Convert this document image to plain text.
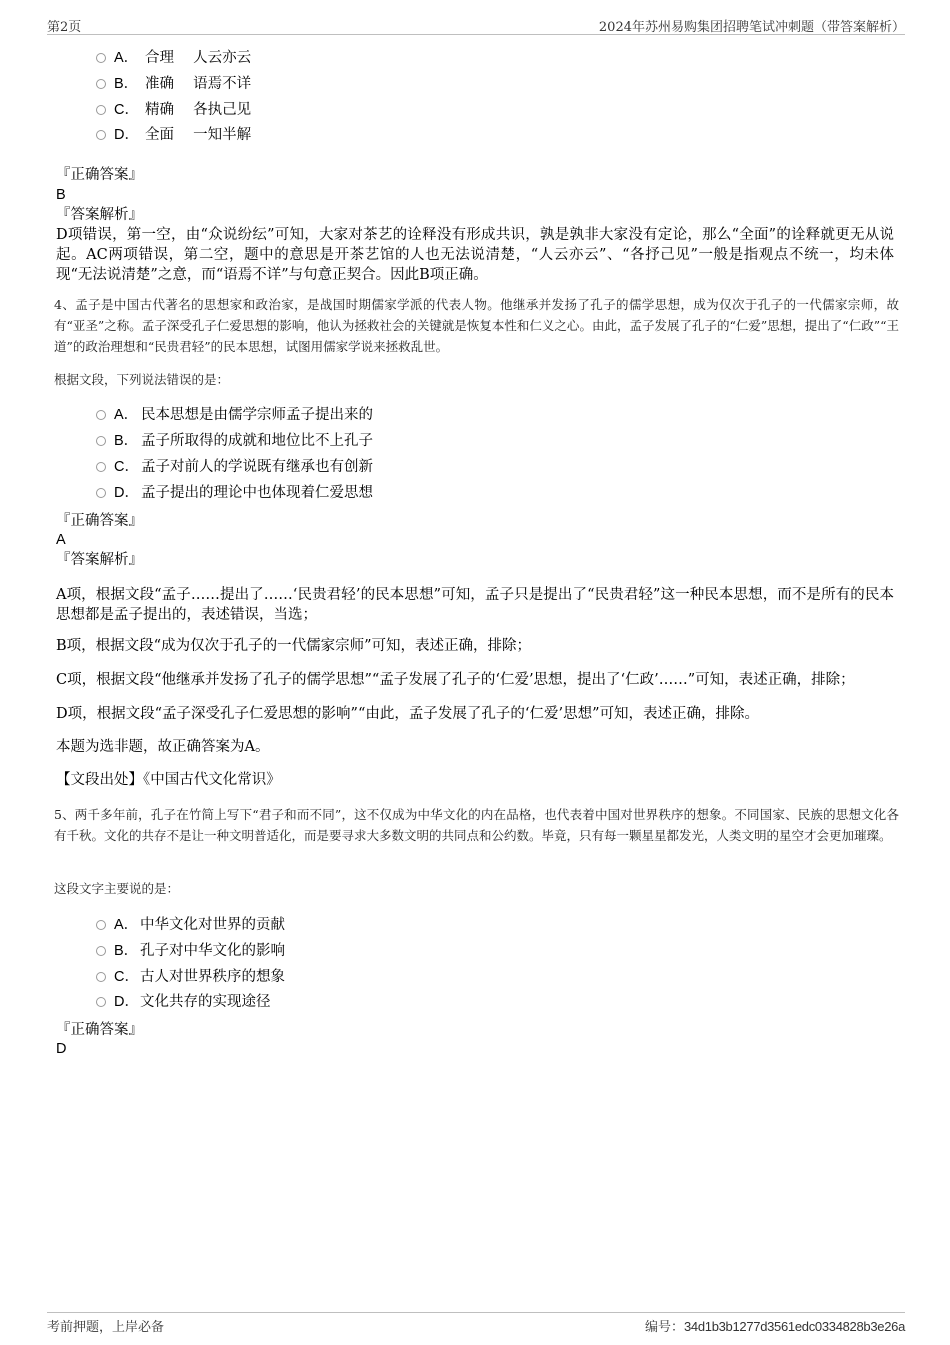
第2页	2024年苏州易购集团招聘笔试冲刺题（带答案解析）
A． 合理　 人云亦云
B． 准确　 语焉不详
C． 精确　 各执己见
D． 全面　 一知半解
『正确答案』
B
『答案解析』
D项错误，第一空，由“众说纷纭”可知，大家对茶艺的诠释没有形成共识，孰是孰非大家没有定论，那么“全面”的诠释就更无从说起。AC两项错误，第二空，题中的意思是开茶艺馆的人也无法说清楚，“人云亦云”、“各抒己见”一般是指观点不统一，均未体现“无法说清楚”之意，而“语焉不详”与句意正契合。因此B项正确。
4、孟子是中国古代著名的思想家和政治家，是战国时期儒家学派的代表人物。他继承并发扬了孔子的儒学思想，成为仅次于孔子的一代儒家宗师，故有“亚圣”之称。孟子深受孔子仁爱思想的影响，他认为拯救社会的关键就是恢复本性和仁义之心。由此，孟子发展了孔子的“仁爱”思想，提出了“仁政”“王道”的政治理想和“民贵君轻”的民本思想，试图用儒家学说来拯救乱世。
根据文段，下列说法错误的是：
A． 民本思想是由儒学宗师孟子提出来的
B． 孟子所取得的成就和地位比不上孔子
C． 孟子对前人的学说既有继承也有创新
D． 孟子提出的理论中也体现着仁爱思想
『正确答案』
A
『答案解析』
A项，根据文段“孟子……提出了……‘民贵君轻’的民本思想”可知，孟子只是提出了“民贵君轻”这一种民本思想，而不是所有的民本思想都是孟子提出的，表述错误，当选；
B项，根据文段“成为仅次于孔子的一代儒家宗师”可知，表述正确，排除；
C项，根据文段“他继承并发扬了孔子的儒学思想”“孟子发展了孔子的‘仁爱’思想，提出了‘仁政’……”可知，表述正确，排除；
D项，根据文段“孟子深受孔子仁爱思想的影响”“由此，孟子发展了孔子的‘仁爱’思想”可知，表述正确，排除。
本题为选非题，故正确答案为A。
【文段出处】《中国古代文化常识》
5、两千多年前，孔子在竹简上写下“君子和而不同”，这不仅成为中华文化的内在品格，也代表着中国对世界秩序的想象。不同国家、民族的思想文化各有千秋。文化的共存不是让一种文明普适化，而是要寻求大多数文明的共同点和公约数。毕竟，只有每一颗星星都发光，人类文明的星空才会更加璀璨。
这段文字主要说的是：
A． 中华文化对世界的贡献
B． 孔子对中华文化的影响
C． 古人对世界秩序的想象
D． 文化共存的实现途径
『正确答案』
D
考前押题，上岸必备	编号：34d1b3b1277d3561edc0334828b3e26a
